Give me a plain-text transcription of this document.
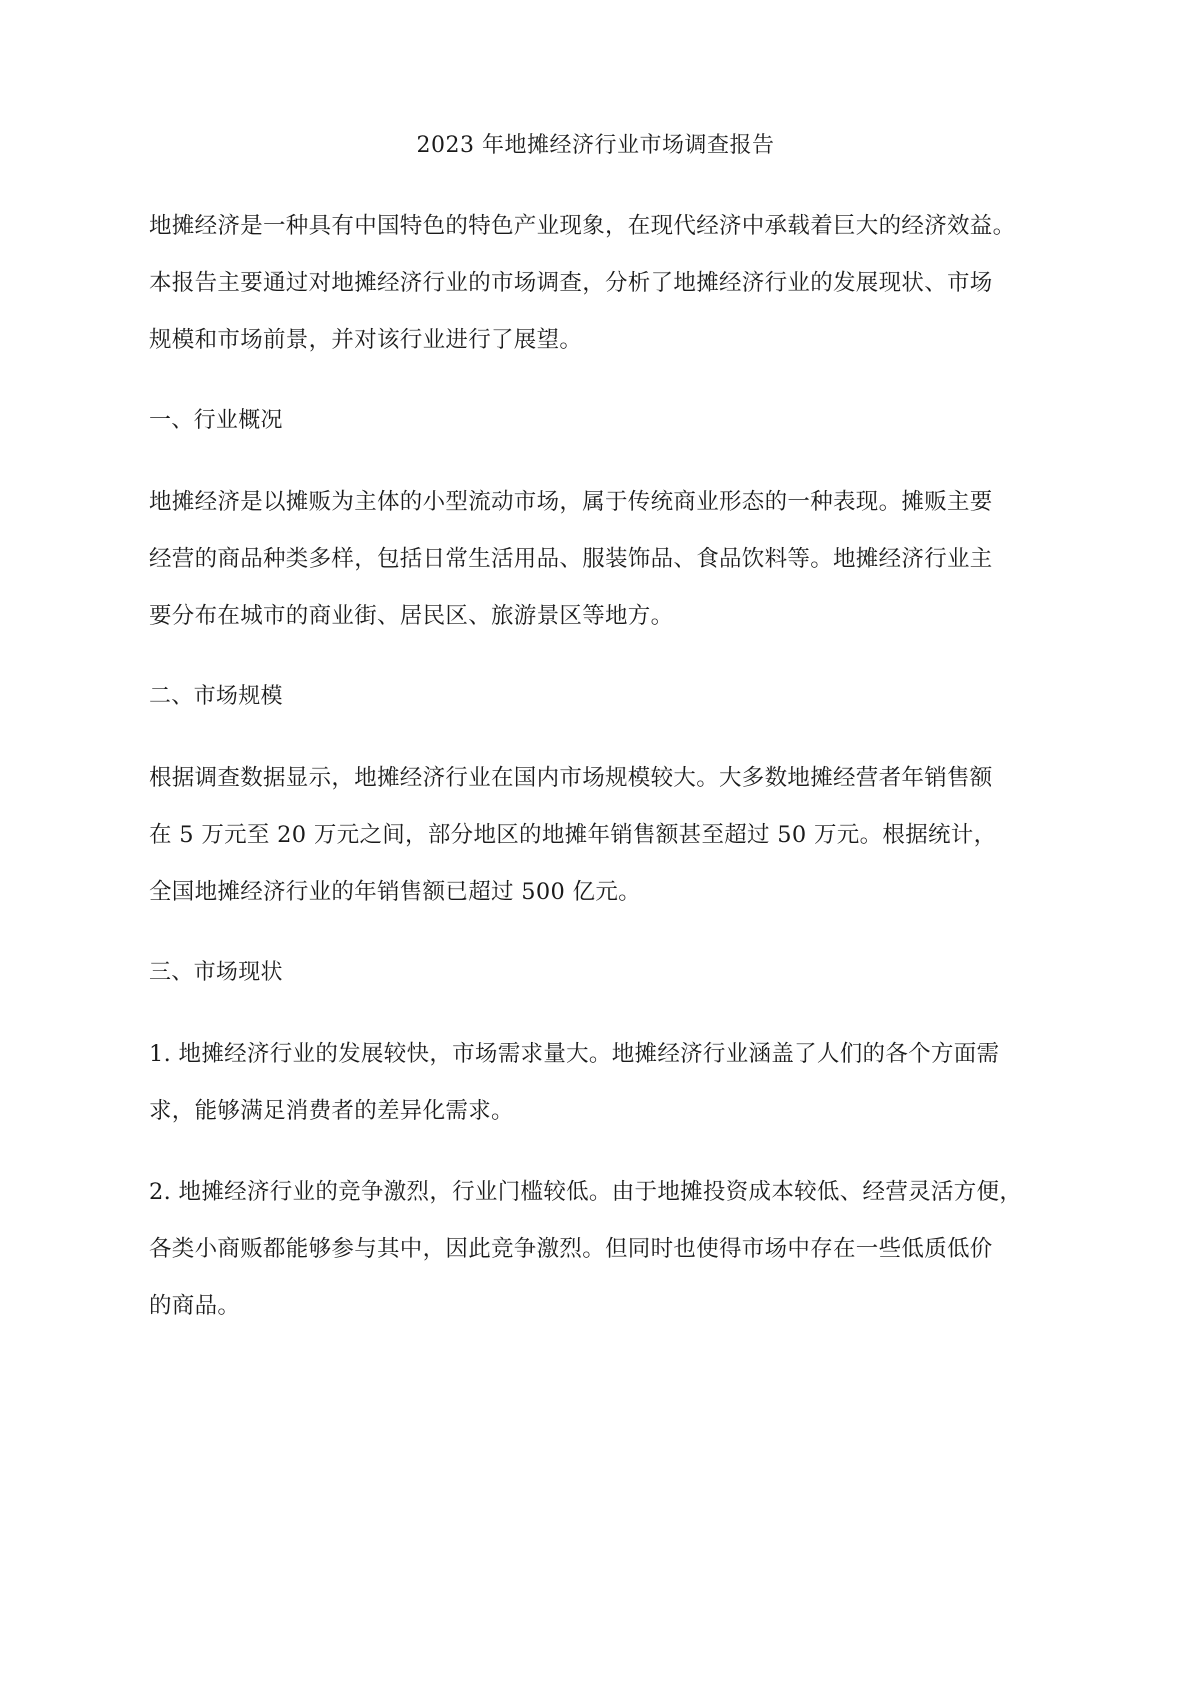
2023 年地摊经济行业市场调查报告
地摊经济是一种具有中国特色的特色产业现象，在现代经济中承载着巨大的经济效益。
本报告主要通过对地摊经济行业的市场调查，分析了地摊经济行业的发展现状、市场
规模和市场前景，并对该行业进行了展望。
一、行业概况
地摊经济是以摊贩为主体的小型流动市场，属于传统商业形态的一种表现。摊贩主要
经营的商品种类多样，包括日常生活用品、服装饰品、食品饮料等。地摊经济行业主
要分布在城市的商业街、居民区、旅游景区等地方。
二、市场规模
根据调查数据显示，地摊经济行业在国内市场规模较大。大多数地摊经营者年销售额
在 5 万元至 20 万元之间，部分地区的地摊年销售额甚至超过 50 万元。根据统计，
全国地摊经济行业的年销售额已超过 500 亿元。
三、市场现状
1. 地摊经济行业的发展较快，市场需求量大。地摊经济行业涵盖了人们的各个方面需
求，能够满足消费者的差异化需求。
2. 地摊经济行业的竞争激烈，行业门槛较低。由于地摊投资成本较低、经营灵活方便，
各类小商贩都能够参与其中，因此竞争激烈。但同时也使得市场中存在一些低质低价
的商品。
